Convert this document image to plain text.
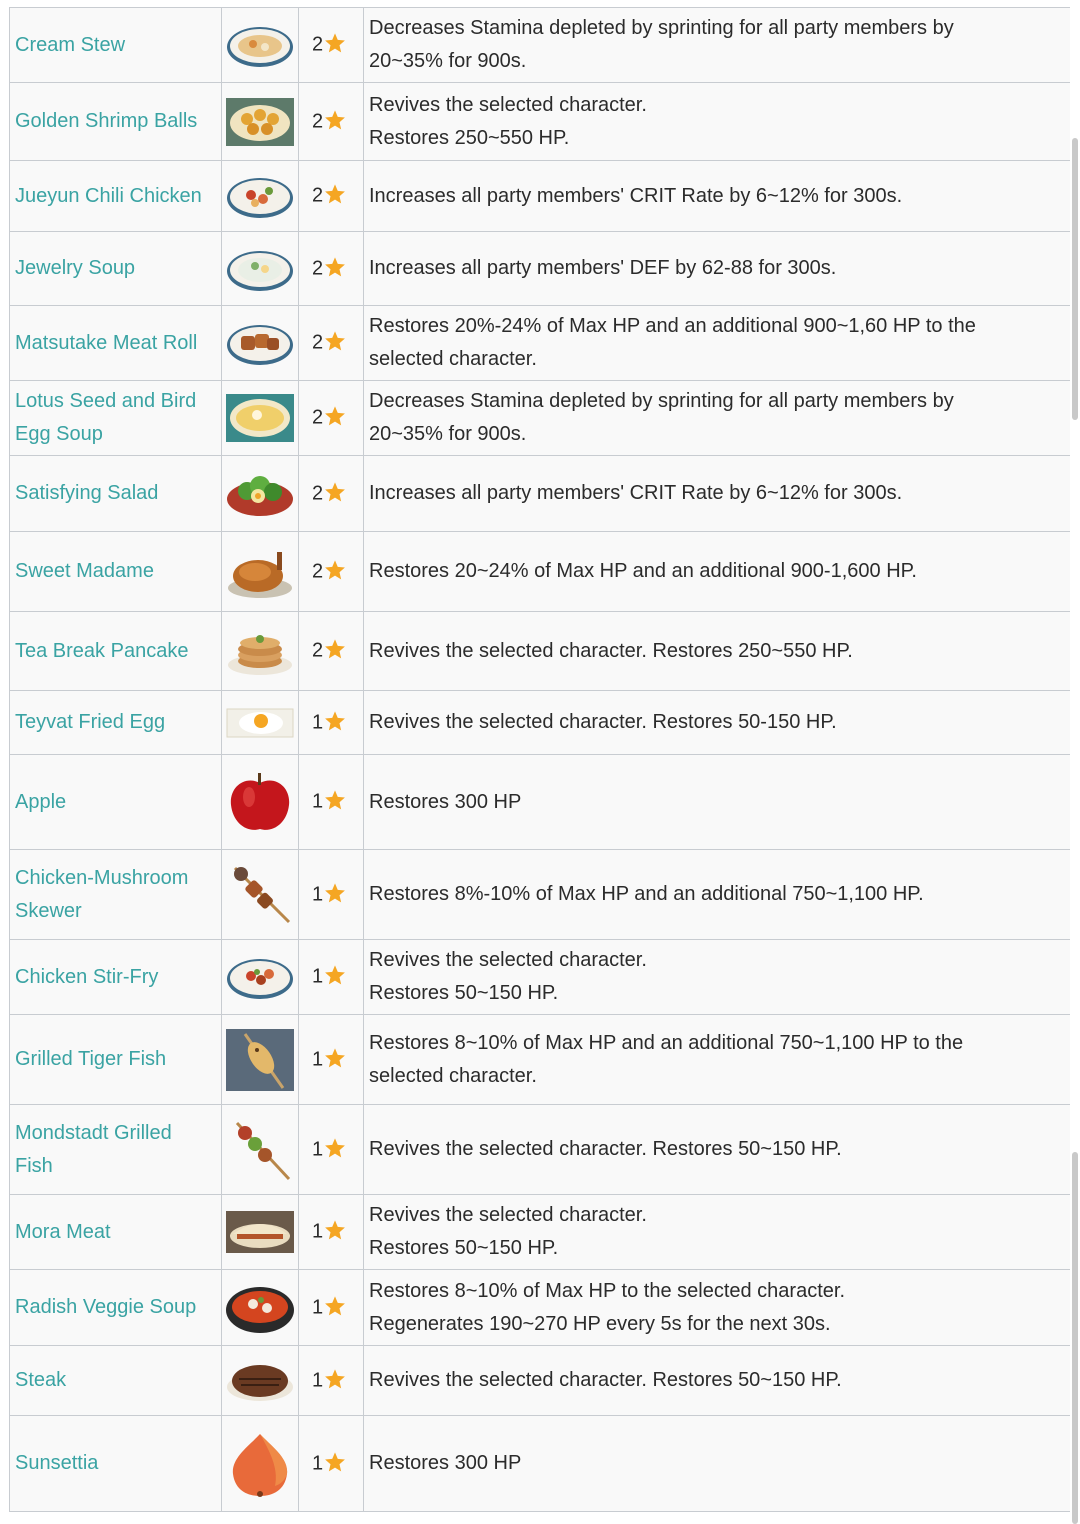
Cream Stew		2	Decreases Stamina depleted by sprinting for all party members by
20~35% for 900s.

Golden Shrimp Balls		2	Revives the selected character.
Restores 250~550 HP.

Jueyun Chili Chicken		2	Increases all party members' CRIT Rate by 6~12% for 300s.

Jewelry Soup		2	Increases all party members' DEF by 62-88 for 300s.

Matsutake Meat Roll		2	Restores 20%-24% of Max HP and an additional 900~1,60 HP to the
selected character.

Lotus Seed and Bird Egg Soup		2	Decreases Stamina depleted by sprinting for all party members by
20~35% for 900s.

Satisfying Salad		2	Increases all party members' CRIT Rate by 6~12% for 300s.

Sweet Madame		2	Restores 20~24% of Max HP and an additional 900-1,600 HP.

Tea Break Pancake		2	Revives the selected character. Restores 250~550 HP.

Teyvat Fried Egg		1	Revives the selected character. Restores 50-150 HP.

Apple		1	Restores 300 HP

Chicken-Mushroom Skewer		1	Restores 8%-10% of Max HP and an additional 750~1,100 HP.

Chicken Stir-Fry		1	Revives the selected character.
Restores 50~150 HP.

Grilled Tiger Fish		1	Restores 8~10% of Max HP and an additional 750~1,100 HP to the
selected character.

Mondstadt Grilled Fish		1	Revives the selected character. Restores 50~150 HP.

Mora Meat		1	Revives the selected character.
Restores 50~150 HP.

Radish Veggie Soup		1	Restores 8~10% of Max HP to the selected character.
Regenerates 190~270 HP every 5s for the next 30s.

Steak		1	Revives the selected character. Restores 50~150 HP.

Sunsettia		1	Restores 300 HP
